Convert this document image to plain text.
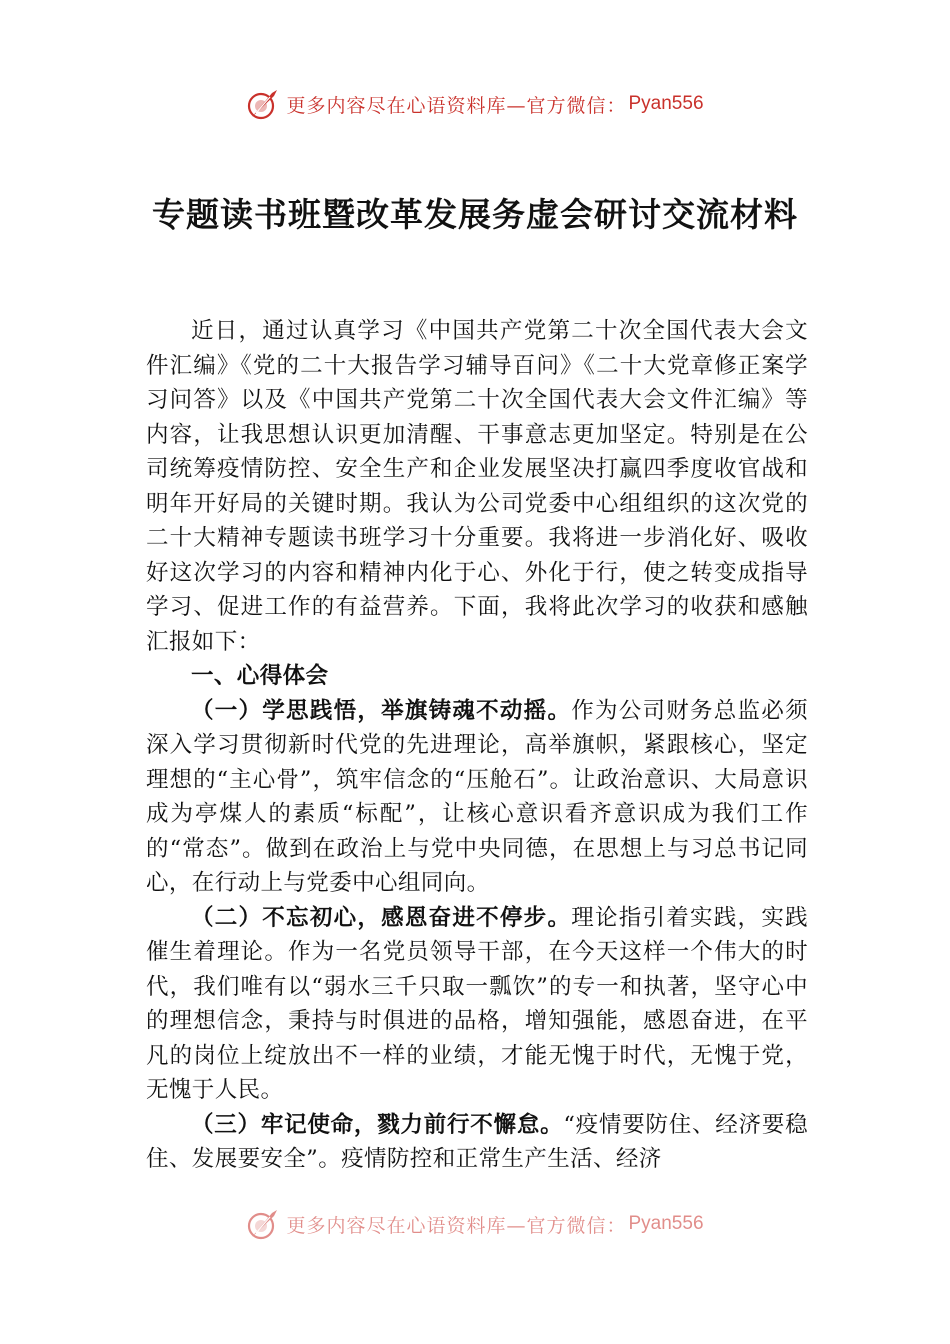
更多内容尽在心语资料库—官方微信： Pyan556
专题读书班暨改革发展务虚会研讨交流材料

近日，通过认真学习《中国共产党第二十次全国代表大会文件汇编》《党的二十大报告学习辅导百问》《二十大党章修正案学习问答》以及《中国共产党第二十次全国代表大会文件汇编》等内容，让我思想认识更加清醒、干事意志更加坚定。特别是在公司统筹疫情防控、安全生产和企业发展坚决打赢四季度收官战和明年开好局的关键时期。我认为公司党委中心组组织的这次党的二十大精神专题读书班学习十分重要。我将进一步消化好、吸收好这次学习的内容和精神内化于心、外化于行，使之转变成指导学习、促进工作的有益营养。下面，我将此次学习的收获和感触汇报如下：

一、心得体会

（一）学思践悟，举旗铸魂不动摇。作为公司财务总监必须深入学习贯彻新时代党的先进理论，高举旗帜，紧跟核心，坚定理想的“主心骨”，筑牢信念的“压舱石”。让政治意识、大局意识成为亭煤人的素质“标配”，让核心意识看齐意识成为我们工作的“常态”。做到在政治上与党中央同德，在思想上与习总书记同心，在行动上与党委中心组同向。

（二）不忘初心，感恩奋进不停步。理论指引着实践，实践催生着理论。作为一名党员领导干部，在今天这样一个伟大的时代，我们唯有以“弱水三千只取一瓢饮”的专一和执著，坚守心中的理想信念，秉持与时俱进的品格，增知强能，感恩奋进，在平凡的岗位上绽放出不一样的业绩，才能无愧于时代，无愧于党，无愧于人民。

（三）牢记使命，戮力前行不懈怠。“疫情要防住、经济要稳住、发展要安全”。疫情防控和正常生产生活、经济

更多内容尽在心语资料库—官方微信： Pyan556
